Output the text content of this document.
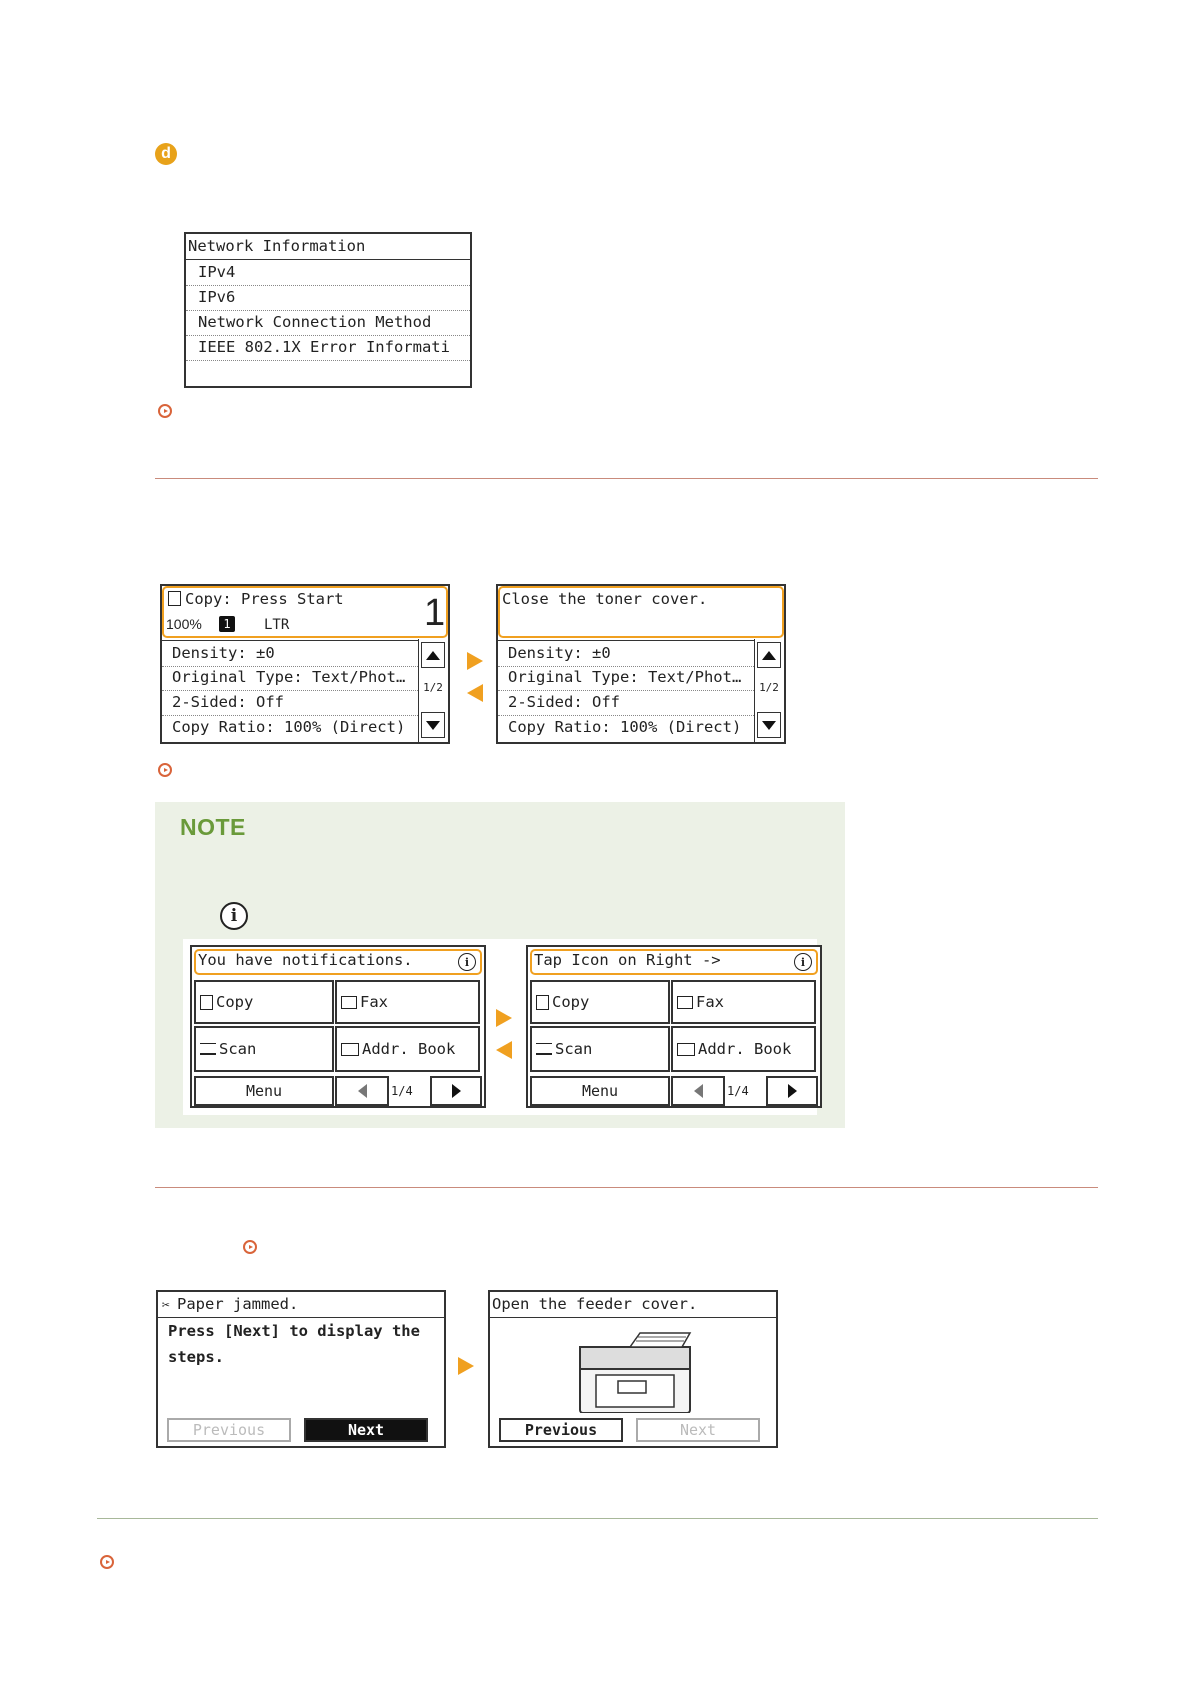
d
Network Information
IPv4
IPv6
Network Connection Method
IEEE 802.1X Error Informati
Copy: Press Start
100%	1	LTR	1
Density: ±0
Original Type: Text/Phot…
2-Sided: Off
Copy Ratio: 100% (Direct)
1/2
Close the toner cover.
Density: ±0
Original Type: Text/Phot…
2-Sided: Off
Copy Ratio: 100% (Direct)
1/2
NOTE
i
You have notifications.	i
Copy	Fax
Scan	Addr. Book
Menu	1/4
Tap Icon on Right ->	i
Copy	Fax
Scan	Addr. Book
Menu	1/4
✂ Paper jammed.
Press [Next] to display the
steps.
Previous	Next
Open the feeder cover.
Previous	Next
